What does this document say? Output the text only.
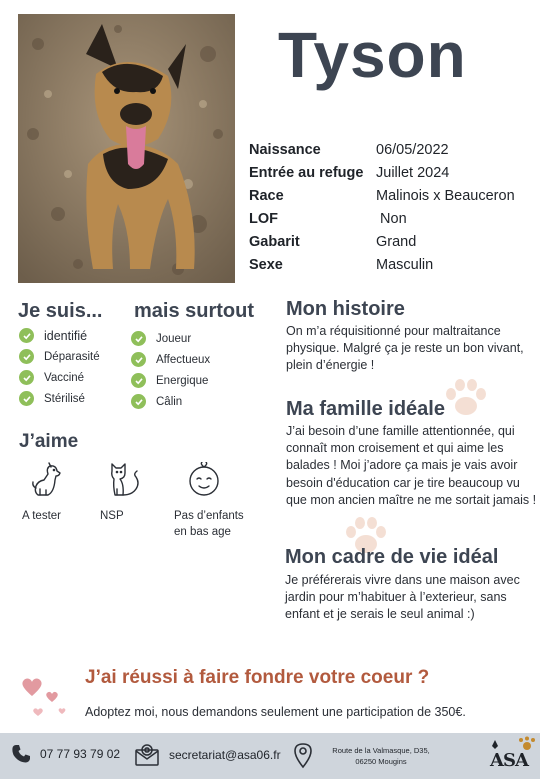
Tyson
Naissance	06/05/2022
Entrée au refuge Juillet 2024
Race	Malinois x Beauceron
LOF	Non
Gabarit	Grand
Sexe	Masculin
Je suis...
identifié
Déparasité
Vacciné
Stérilisé
mais surtout
Joueur
Affectueux
Energique
Câlin
J’aime
A tester	NSP	Pas d’enfants
en bas age
Mon histoire

On m’a réquisitionné pour maltraitance physique. Malgré ça je reste un bon vivant, plein d’énergie !

Ma famille idéale

J’ai besoin d’une famille attentionnée, qui connaît mon croisement et qui aime les balades ! Moi j’adore ça mais je vais avoir besoin d'éducation car je tire beaucoup vu que mon ancien maître ne me sortait jamais !

Mon cadre de vie idéal

Je préférerais vivre dans une maison avec jardin pour m’habituer à l’exterieur, sans enfant et je serais le seul animal :)

J’ai réussi à faire fondre votre coeur ?
Adoptez moi, nous demandons seulement une participation de 350€.
07 77 93 79 02	secretariat@asa06.fr	Route de la Valmasque, D35,
06250 Mougins	ASA
